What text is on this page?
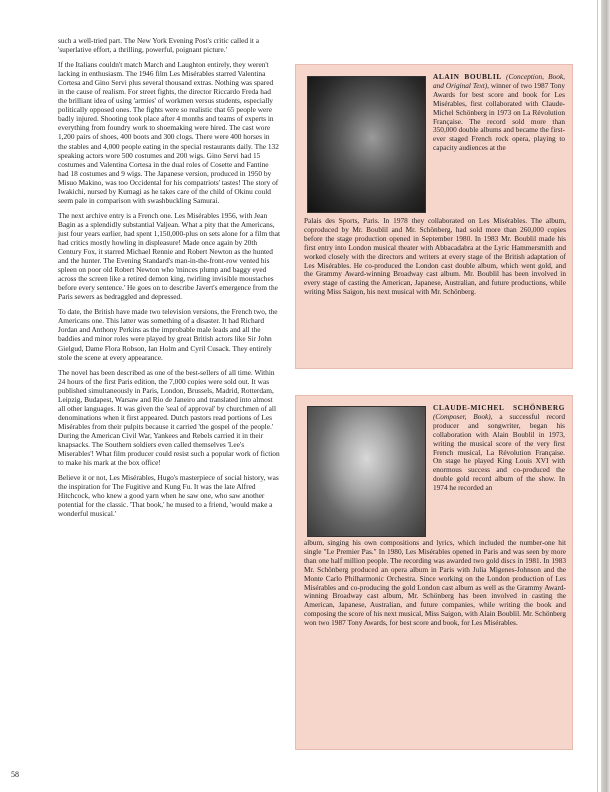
such a well-tried part. The New York Evening Post's critic called it a 'superlative effort, a thrilling, powerful, poignant picture.'

If the Italians couldn't match March and Laughton entirely, they weren't lacking in enthusiasm. The 1946 film Les Misérables starred Valentina Cortesa and Gino Servi plus several thousand extras. Nothing was spared in the cause of realism. For street fights, the director Riccardo Freda had the brilliant idea of using 'armies' of workmen versus students, especially politically opposed ones. The fights were so realistic that 65 people were badly injured. Shooting took place after 4 months and teams of experts in everything from foundry work to shoemaking were hired. The cast wore 1,200 pairs of shoes, 400 boots and 300 clogs. There were 400 horses in the stables and 4,000 people eating in the special restaurants daily. The 132 speaking actors wore 500 costumes and 200 wigs. Gino Servi had 15 costumes and Valentina Cortesa in the dual roles of Cosette and Fantine had 18 costumes and 9 wigs. The Japanese version, produced in 1950 by Misuo Makino, was too Occidental for his compatriots' tastes! The story of Iwakichi, nursed by Kumagi as he takes care of the child of Okinu could seem pale in comparison with swashbuckling Samurai.

The next archive entry is a French one. Les Misérables 1956, with Jean Bagin as a splendidly substantial Valjean. What a pity that the Americans, just four years earlier, had spent 1,150,000-plus on sets alone for a film that had critics mostly howling in displeasure! Made once again by 20th Century Fox, it starred Michael Rennie and Robert Newton as the hunted and the hunter. The Evening Standard's man-in-the-front-row vented his spleen on poor old Robert Newton who 'minces plump and baggy eyed across the screen like a retired demon king, twirling invisible moustaches before every sentence.' He goes on to describe Javert's emergence from the Paris sewers as bedraggled and depressed.

To date, the British have made two television versions, the French two, the Americans one. This latter was something of a disaster. It had Richard Jordan and Anthony Perkins as the improbable male leads and all the baddies and minor roles were played by great British actors like Sir John Gielgud, Dame Flora Robson, Ian Holm and Cyril Cusack. They entirely stole the scene at every appearance.

The novel has been described as one of the best-sellers of all time. Within 24 hours of the first Paris edition, the 7,000 copies were sold out. It was published simultaneously in Paris, London, Brussels, Madrid, Rotterdam, Leipzig, Budapest, Warsaw and Rio de Janeiro and translated into almost all other languages. It was given the 'seal of approval' by churchmen of all denominations when it first appeared. Dutch pastors read portions of Les Misérables from their pulpits because it carried 'the gospel of the people.' During the American Civil War, Yankees and Rebels carried it in their knapsacks. The Southern soldiers even called themselves 'Lee's Miserables'! What film producer could resist such a popular work of fiction to make his mark at the box office!

Believe it or not, Les Misérables, Hugo's masterpiece of social history, was the inspiration for The Fugitive and Kung Fu. It was the late Alfred Hitchcock, who knew a good yarn when he saw one, who saw another potential for the classic. 'That book,' he mused to a friend, 'would make a wonderful musical.'

ALAIN BOUBLIL (Conception, Book, and Original Text), winner of two 1987 Tony Awards for best score and book for Les Misérables, first collaborated with Claude-Michel Schönberg in 1973 on La Révolution Française. The record sold more than 350,000 double albums and became the first-ever staged French rock opera, playing to capacity audiences at the
Palais des Sports, Paris. In 1978 they collaborated on Les Misérables. The album, coproduced by Mr. Boublil and Mr. Schönberg, had sold more than 260,000 copies before the stage production opened in September 1980. In 1983 Mr. Boublil made his first entry into London musical theater with Abbacadabra at the Lyric Hammersmith and worked closely with the directors and writers at every stage of the British adaptation of Les Misérables. He co-produced the London cast double album, which went gold, and the Grammy Award-winning Broadway cast album. Mr. Boublil has been involved in every stage of casting the American, Japanese, Australian, and future productions, while writing Miss Saigon, his next musical with Mr. Schönberg.
CLAUDE-MICHEL SCHÖNBERG (Composer, Book), a successful record producer and songwriter, began his collaboration with Alain Boublil in 1973, writing the musical score of the very first French musical, La Révolution Française. On stage he played King Louis XVI with enormous success and co-produced the double gold record album of the show. In 1974 he recorded an
album, singing his own compositions and lyrics, which included the number-one hit single "Le Premier Pas." In 1980, Les Misérables opened in Paris and was seen by more than one half million people. The recording was awarded two gold discs in 1981. In 1983 Mr. Schönberg produced an opera album in Paris with Julia Migenes-Johnson and the Monte Carlo Philharmonic Orchestra. Since working on the London production of Les Misérables and co-producing the gold London cast album as well as the Grammy Award-winning Broadway cast album, Mr. Schönberg has been involved in casting the American, Japanese, Australian, and future companies, while writing the book and composing the score of his next musical, Miss Saigon, with Alain Boublil. Mr. Schönberg won two 1987 Tony Awards, for best score and book, for Les Misérables.
58
